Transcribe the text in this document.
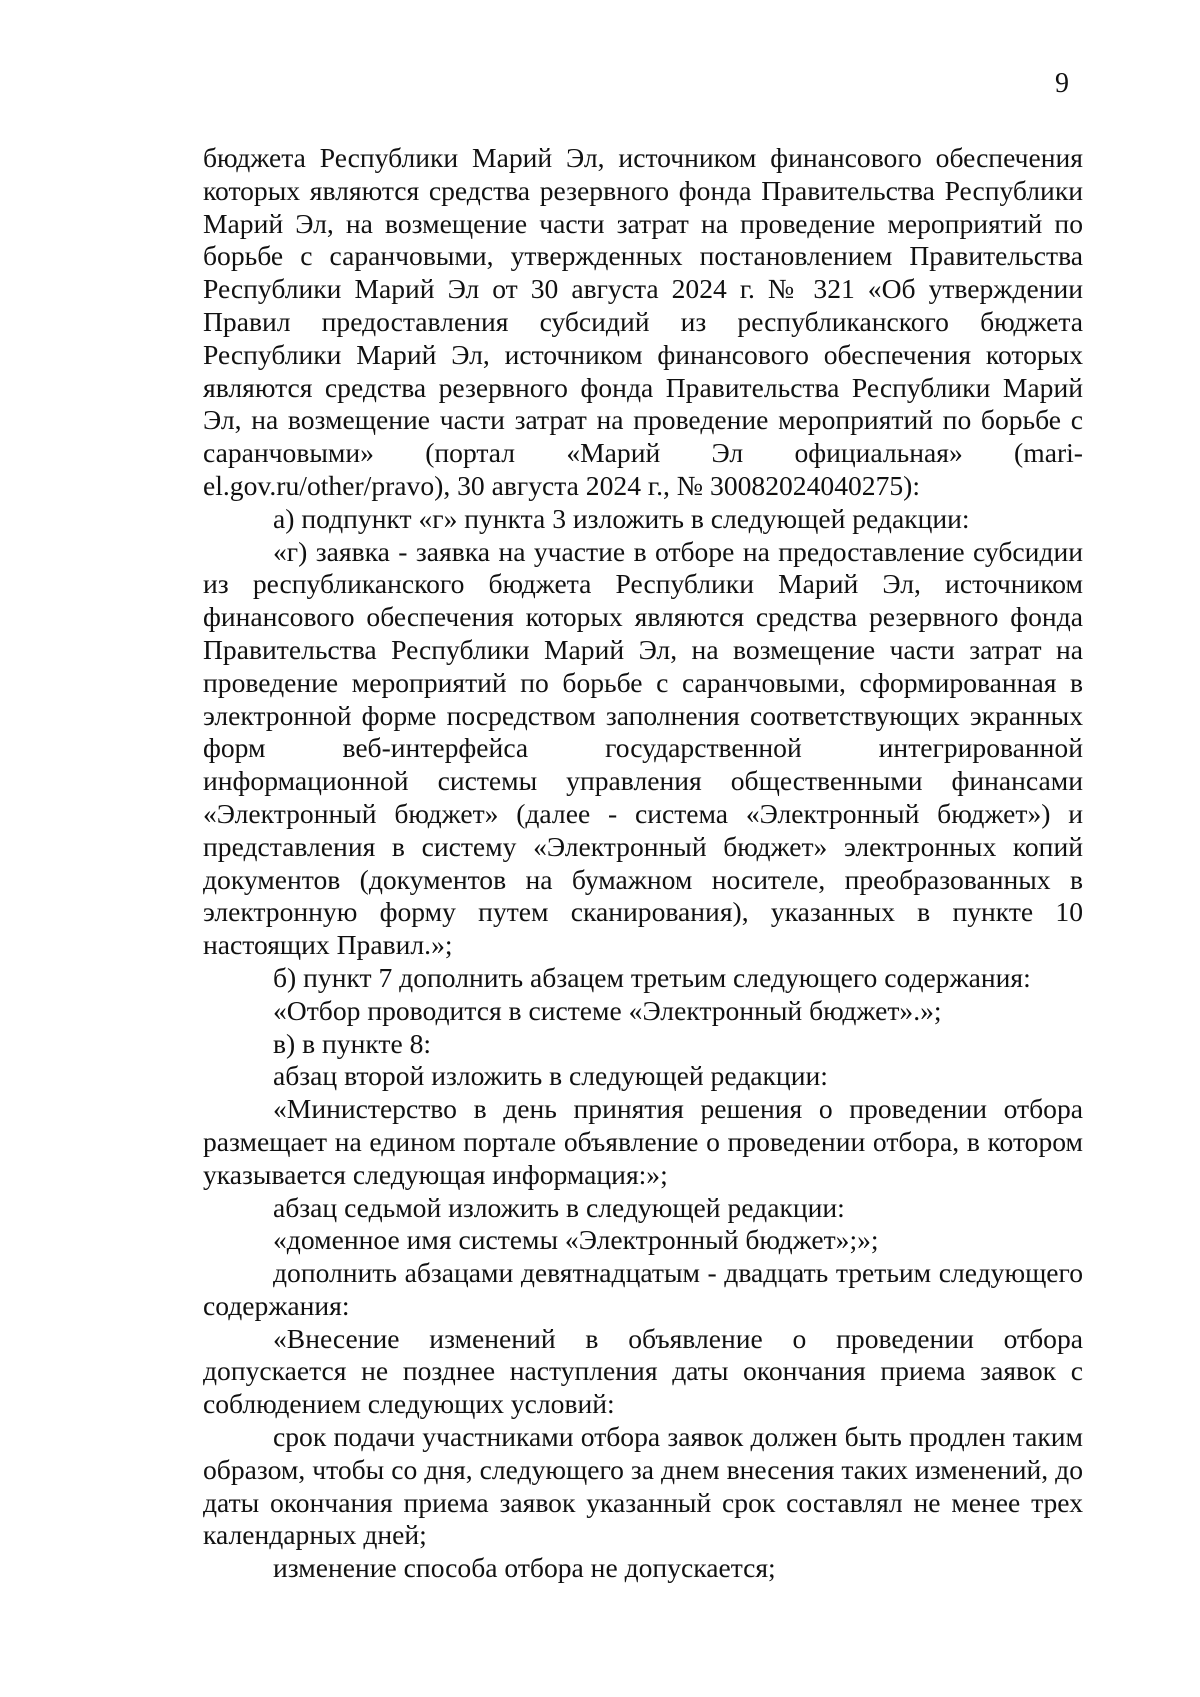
9

бюджета Республики Марий Эл, источником финансового обеспечения которых являются средства резервного фонда Правительства Республики Марий Эл, на возмещение части затрат на проведение мероприятий по борьбе с саранчовыми, утвержденных постановлением Правительства Республики Марий Эл от 30 августа 2024 г. № 321 «Об утверждении Правил предоставления субсидий из республиканского бюджета Республики Марий Эл, источником финансового обеспечения которых являются средства резервного фонда Правительства Республики Марий Эл, на возмещение части затрат на проведение мероприятий по борьбе с саранчовыми» (портал «Марий Эл официальная» (mari-el.gov.ru/other/pravo), 30 августа 2024 г., № 30082024040275):

а) подпункт «г» пункта 3 изложить в следующей редакции:

«г) заявка - заявка на участие в отборе на предоставление субсидии из республиканского бюджета Республики Марий Эл, источником финансового обеспечения которых являются средства резервного фонда Правительства Республики Марий Эл, на возмещение части затрат на проведение мероприятий по борьбе с саранчовыми, сформированная в электронной форме посредством заполнения соответствующих экранных форм веб-интерфейса государственной интегрированной информационной системы управления общественными финансами «Электронный бюджет» (далее - система «Электронный бюджет») и представления в систему «Электронный бюджет» электронных копий документов (документов на бумажном носителе, преобразованных в электронную форму путем сканирования), указанных в пункте 10 настоящих Правил.»;

б) пункт 7 дополнить абзацем третьим следующего содержания:

«Отбор проводится в системе «Электронный бюджет».»;

в) в пункте 8:

абзац второй изложить в следующей редакции:

«Министерство в день принятия решения о проведении отбора размещает на едином портале объявление о проведении отбора, в котором указывается следующая информация:»;

абзац седьмой изложить в следующей редакции:

«доменное имя системы «Электронный бюджет»;»;

дополнить абзацами девятнадцатым - двадцать третьим следующего содержания:

«Внесение изменений в объявление о проведении отбора допускается не позднее наступления даты окончания приема заявок с соблюдением следующих условий:

срок подачи участниками отбора заявок должен быть продлен таким образом, чтобы со дня, следующего за днем внесения таких изменений, до даты окончания приема заявок указанный срок составлял не менее трех календарных дней;

изменение способа отбора не допускается;
